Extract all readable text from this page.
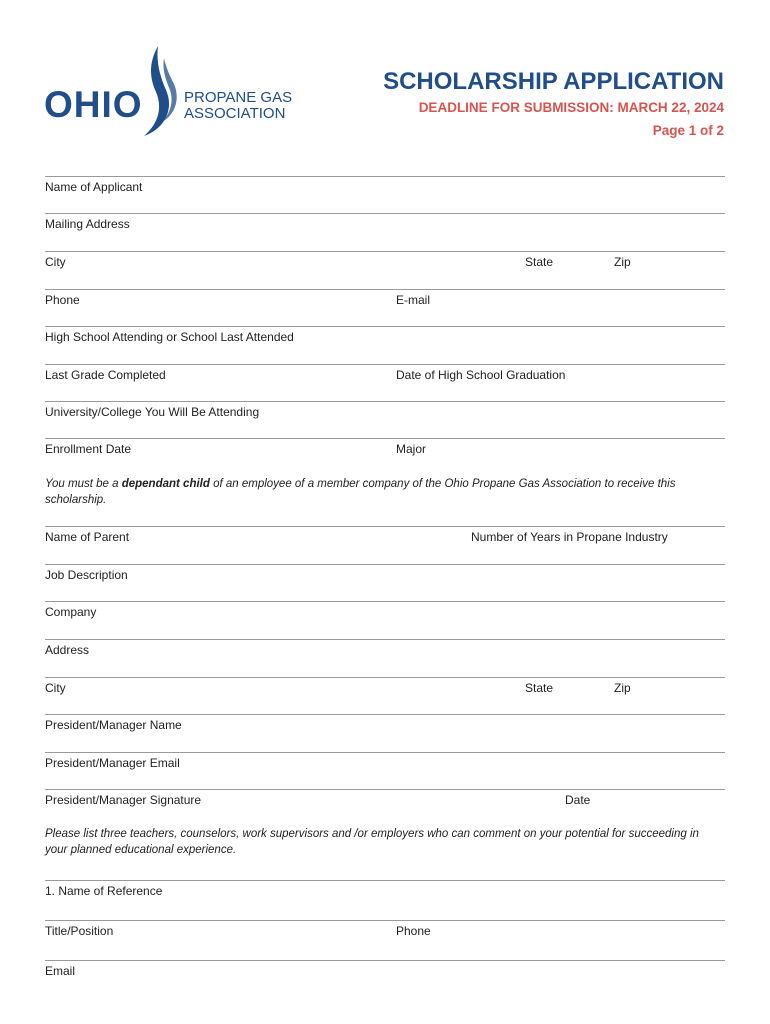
OHIO	PROPANE GAS
ASSOCIATION
SCHOLARSHIP APPLICATION
DEADLINE FOR SUBMISSION: MARCH 22, 2024
Page 1 of 2
Name of Applicant
Mailing Address
City	State	Zip
Phone	E-mail
High School Attending or School Last Attended
Last Grade Completed	Date of High School Graduation
University/College You Will Be Attending
Enrollment Date	Major
You must be a dependant child of an employee of a member company of the Ohio Propane Gas Association to receive this scholarship.
Name of Parent	Number of Years in Propane Industry
Job Description
Company
Address
City	State	Zip
President/Manager Name
President/Manager Email
President/Manager Signature	Date
Please list three teachers, counselors, work supervisors and /or employers who can comment on your potential for succeeding in your planned educational experience.
1. Name of Reference
Title/Position	Phone
Email
